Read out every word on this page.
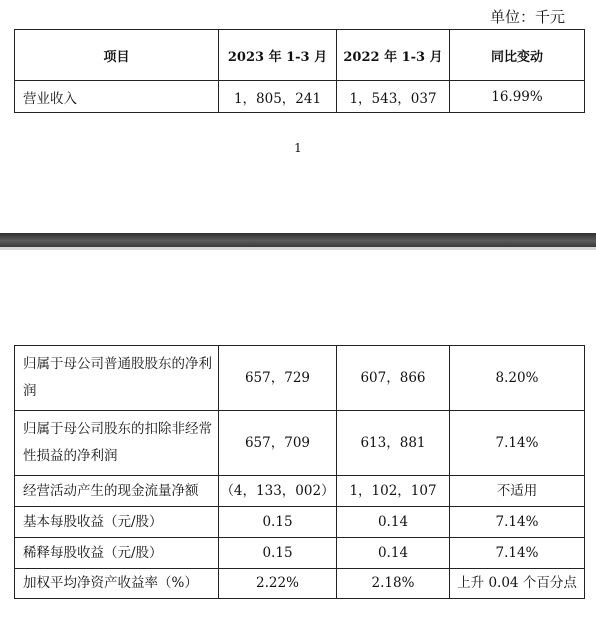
单位：千元
项目	2023 年 1-3 月	2022 年 1-3 月	同比变动
营业收入	1，805，241	1，543，037	16.99%
1
归属于母公司普通股股东的净利润	657，729	607，866	8.20%
归属于母公司股东的扣除非经常性损益的净利润	657，709	613，881	7.14%
经营活动产生的现金流量净额	（4，133，002）	1，102，107	不适用
基本每股收益（元/股）	0.15	0.14	7.14%
稀释每股收益（元/股）	0.15	0.14	7.14%
加权平均净资产收益率（%）	2.22%	2.18%	上升 0.04 个百分点
